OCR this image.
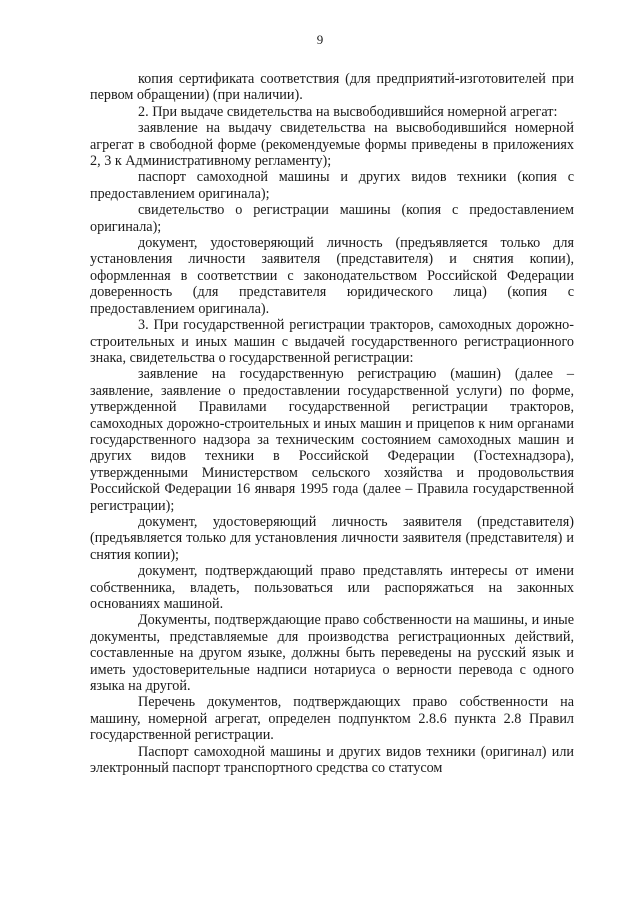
9

копия сертификата соответствия (для предприятий-изготовителей при первом обращении) (при наличии).

2. При выдаче свидетельства на высвободившийся номерной агрегат:

заявление на выдачу свидетельства на высвободившийся номерной агрегат в свободной форме (рекомендуемые формы приведены в приложениях 2, 3 к Административному регламенту);

паспорт самоходной машины и других видов техники (копия с предоставлением оригинала);

свидетельство о регистрации машины (копия с предоставлением оригинала);

документ, удостоверяющий личность (предъявляется только для установления личности заявителя (представителя) и снятия копии), оформленная в соответствии с законодательством Российской Федерации доверенность (для представителя юридического лица) (копия с предоставлением оригинала).

3. При государственной регистрации тракторов, самоходных дорожно-строительных и иных машин с выдачей государственного регистрационного знака, свидетельства о государственной регистрации:

заявление на государственную регистрацию (машин) (далее – заявление, заявление о предоставлении государственной услуги) по форме, утвержденной Правилами государственной регистрации тракторов, самоходных дорожно-строительных и иных машин и прицепов к ним органами государственного надзора за техническим состоянием самоходных машин и других видов техники в Российской Федерации (Гостехнадзора), утвержденными Министерством сельского хозяйства и продовольствия Российской Федерации 16 января 1995 года (далее – Правила государственной регистрации);

документ, удостоверяющий личность заявителя (представителя) (предъявляется только для установления личности заявителя (представителя) и снятия копии);

документ, подтверждающий право представлять интересы от имени собственника, владеть, пользоваться или распоряжаться на законных основаниях машиной.

Документы, подтверждающие право собственности на машины, и иные документы, представляемые для производства регистрационных действий, составленные на другом языке, должны быть переведены на русский язык и иметь удостоверительные надписи нотариуса о верности перевода с одного языка на другой.

Перечень документов, подтверждающих право собственности на машину, номерной агрегат, определен подпунктом 2.8.6 пункта 2.8 Правил государственной регистрации.

Паспорт самоходной машины и других видов техники (оригинал) или электронный паспорт транспортного средства со статусом
